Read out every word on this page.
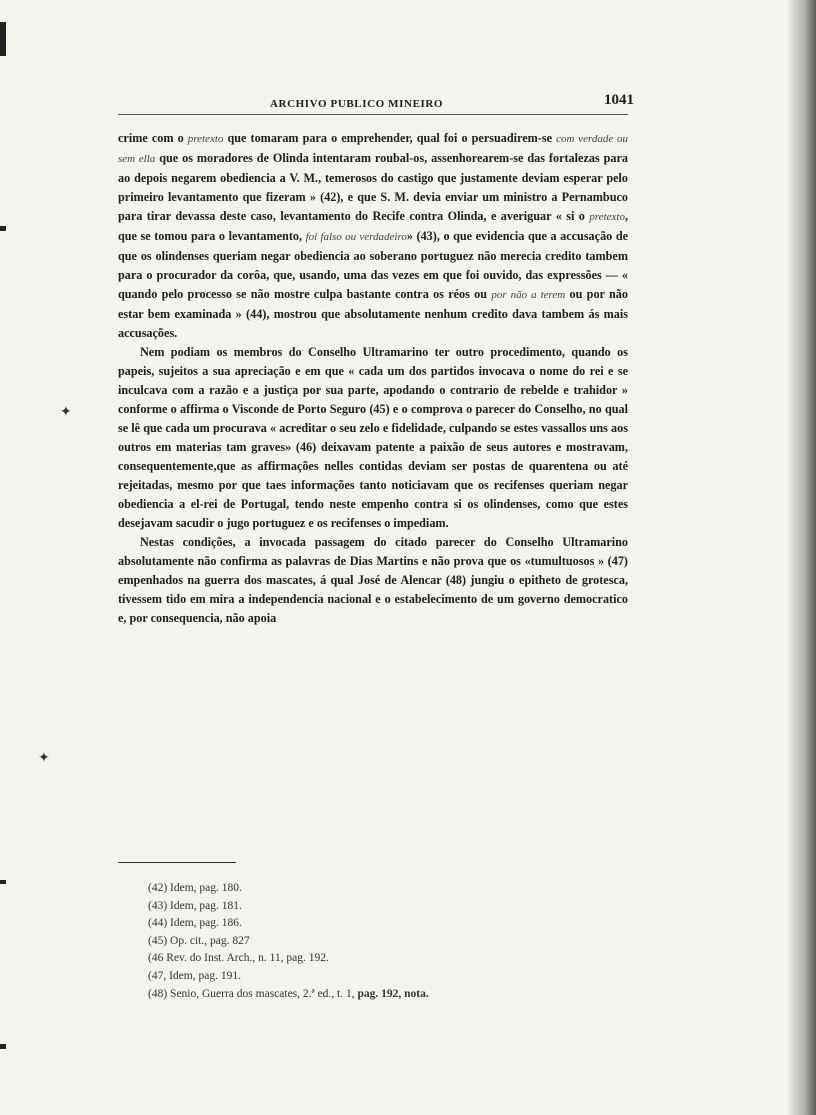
✦
✦
ARCHIVO PUBLICO MINEIRO	1041

crime com o pretexto que tomaram para o emprehender, qual foi o persuadirem-se com verdade ou sem ella que os moradores de Olinda intentaram roubal-os, assenhorearem-se das fortalezas para ao depois negarem obediencia a V. M., temerosos do castigo que justamente deviam esperar pelo primeiro levantamento que fizeram » (42), e que S. M. devia enviar um ministro a Pernambuco para tirar devassa deste caso, levantamento do Recife contra Olinda, e averiguar « si o pretexto, que se tomou para o levantamento, foi falso ou verdadeiro» (43), o que evidencia que a accusação de que os olindenses queriam negar obediencia ao soberano portuguez não merecia credito tambem para o procurador da corôa, que, usando, uma das vezes em que foi ouvido, das expressões — « quando pelo processo se não mostre culpa bastante contra os réos ou por não a terem ou por não estar bem examinada » (44), mostrou que absolutamente nenhum credito dava tambem ás mais accusações.

Nem podiam os membros do Conselho Ultramarino ter outro procedimento, quando os papeis, sujeitos a sua apreciação e em que « cada um dos partidos invocava o nome do rei e se inculcava com a razão e a justiça por sua parte, apodando o contrario de rebelde e trahidor » conforme o affirma o Visconde de Porto Seguro (45) e o comprova o parecer do Conselho, no qual se lê que cada um procurava « acreditar o seu zelo e fidelidade, culpando se estes vassallos uns aos outros em materias tam graves» (46) deixavam patente a paixão de seus autores e mostravam, consequentemente,que as affirmações nelles contidas deviam ser postas de quarentena ou até rejeitadas, mesmo por que taes informações tanto noticiavam que os recifenses queriam negar obediencia a el-rei de Portugal, tendo neste empenho contra si os olindenses, como que estes desejavam sacudir o jugo portuguez e os recifenses o impediam.

Nestas condições, a invocada passagem do citado parecer do Conselho Ultramarino absolutamente não confirma as palavras de Dias Martins e não prova que os «tumultuosos » (47) empenhados na guerra dos mascates, á qual José de Alencar (48) jungiu o epitheto de grotesca, tivessem tido em mira a independencia nacional e o estabelecimento de um governo democratico e, por consequencia, não apoia

(42) Idem, pag. 180.
(43) Idem, pag. 181.
(44) Idem, pag. 186.
(45) Op. cit., pag. 827
(46 Rev. do Inst. Arch., n. 11, pag. 192.
(47, Idem, pag. 191.
(48) Senio, Guerra dos mascates, 2.ª ed., t. 1, pag. 192, nota.
